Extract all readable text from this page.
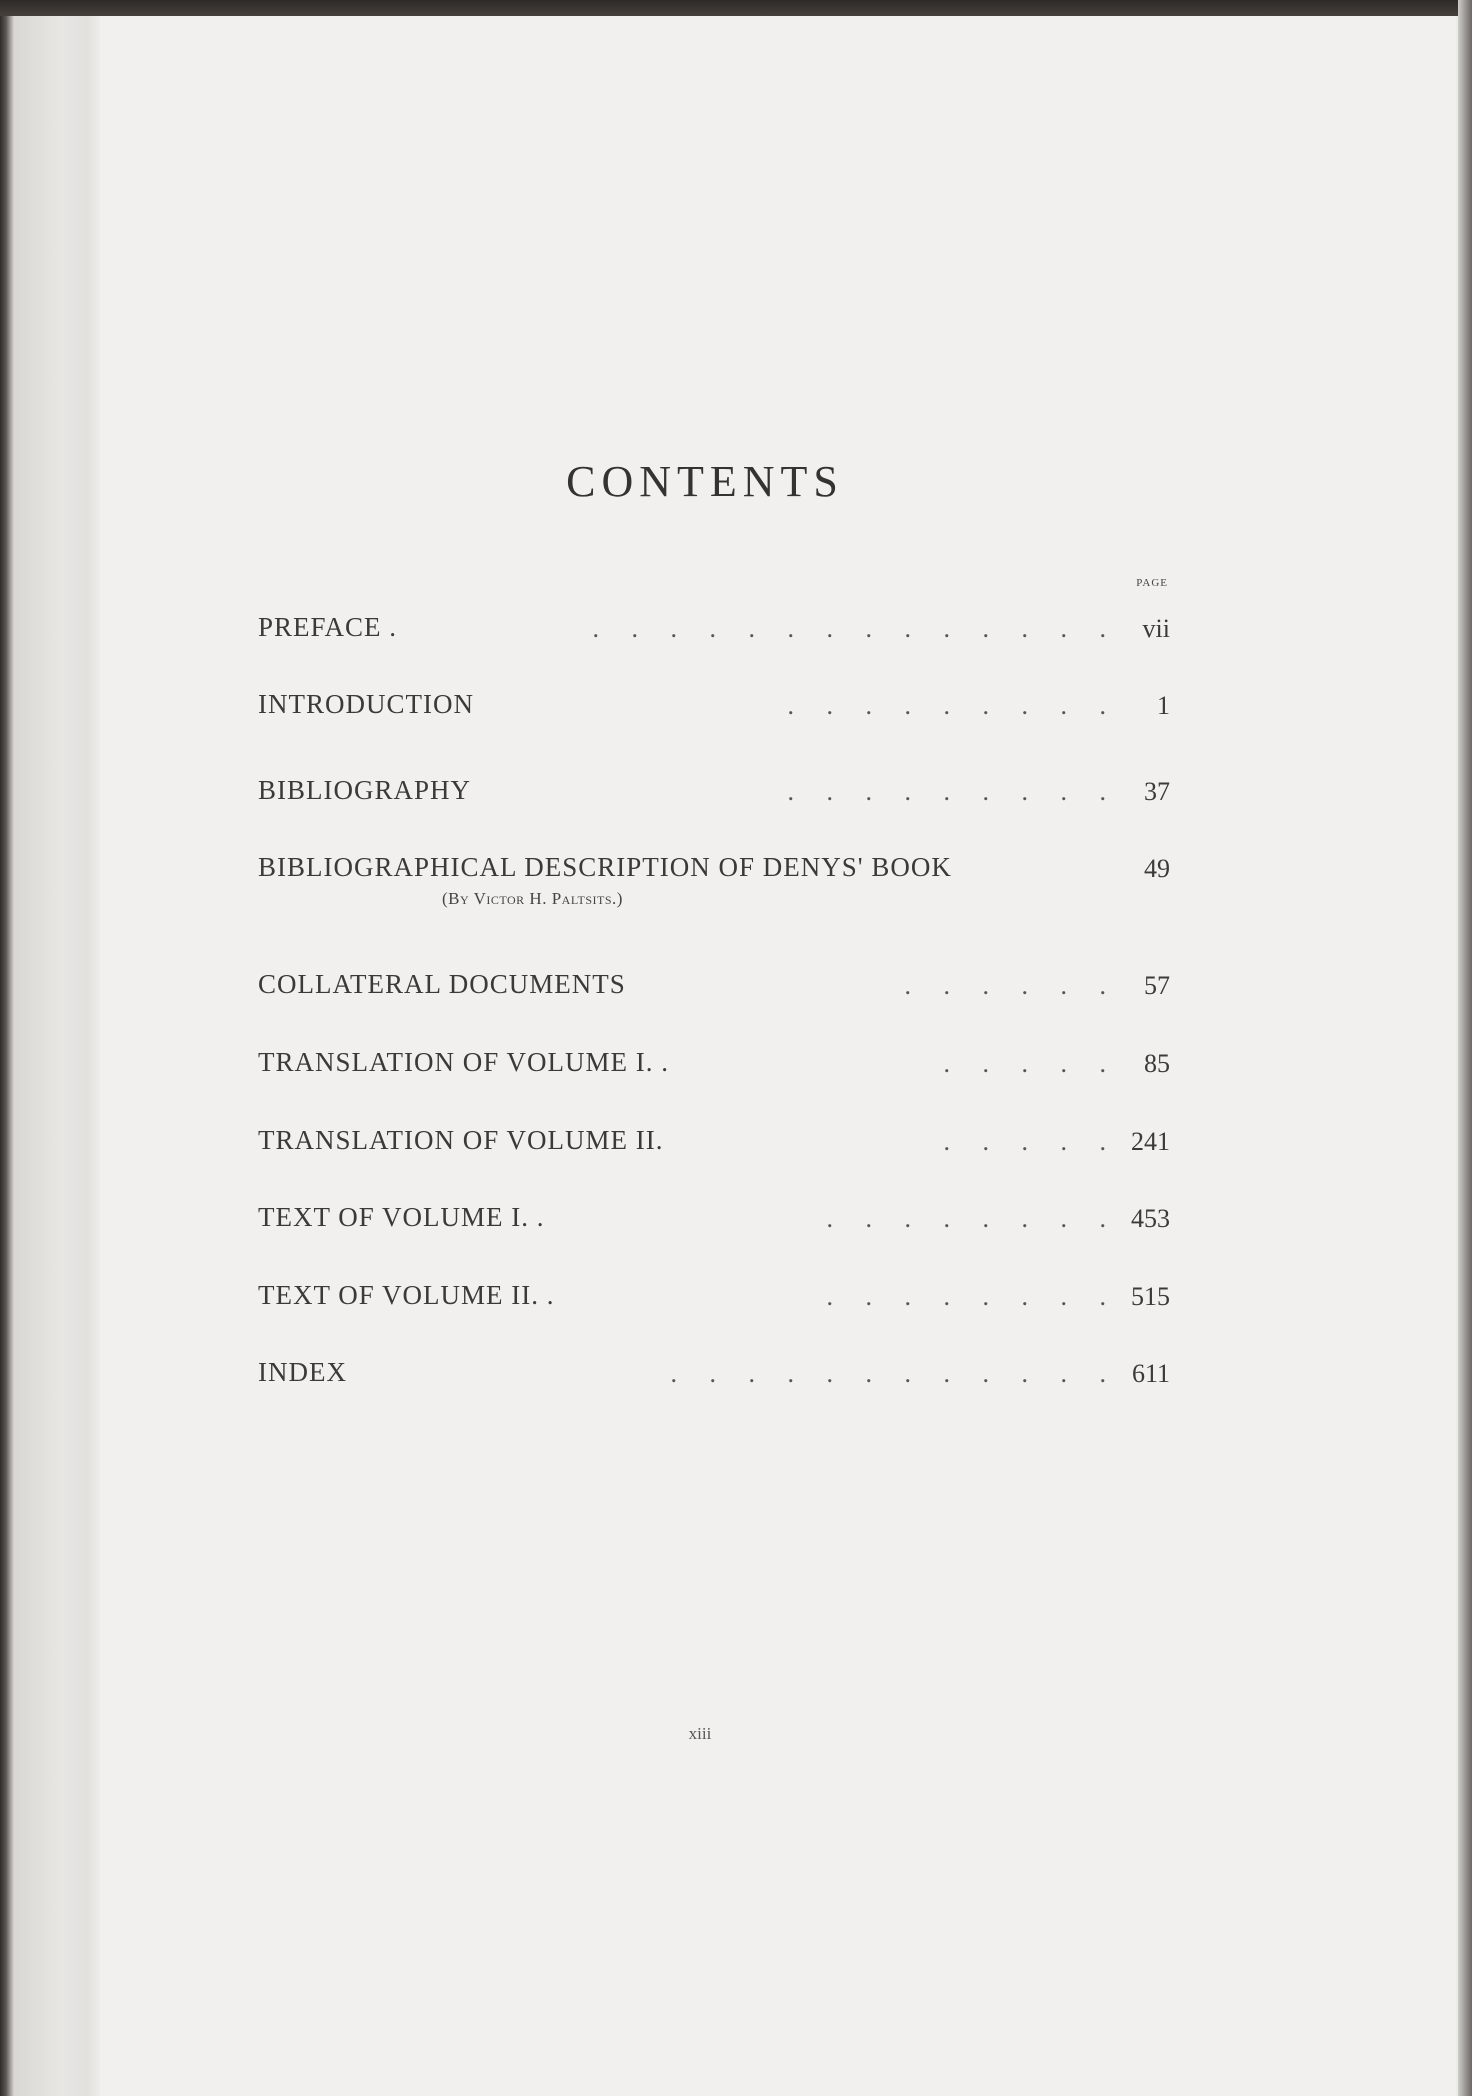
CONTENTS
PAGE
PREFACE .	.     .     .     .     .     .     .     .     .     .     .     .     .     .	vii
INTRODUCTION	.     .     .     .     .     .     .     .     .	1
BIBLIOGRAPHY	.     .     .     .     .     .     .     .     .	37
BIBLIOGRAPHICAL DESCRIPTION OF DENYS' BOOK	49
(By Victor H. Paltsits.)
COLLATERAL DOCUMENTS	.     .     .     .     .     .	57
TRANSLATION OF VOLUME I. .	.     .     .     .     .	85
TRANSLATION OF VOLUME II.	.     .     .     .     . 241
TEXT OF VOLUME I. .	.     .     .     .     .     .     .     . 453
TEXT OF VOLUME II. .	.     .     .     .     .     .     .     . 515
INDEX	.     .     .     .     .     .     .     .     .     .     .     . 611
xiii
